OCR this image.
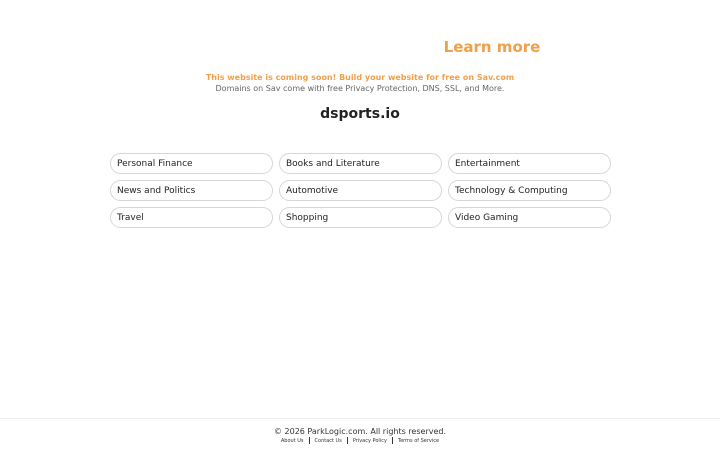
Learn more
This website is coming soon! Build your website for free on Sav.com
Domains on Sav come with free Privacy Protection, DNS, SSL, and More.
dsports.io
Personal Finance	Books and Literature	Entertainment
News and Politics	Automotive	Technology & Computing
Travel	Shopping	Video Gaming
© 2026 ParkLogic.com. All rights reserved.
About Us	Contact Us	Privacy Policy	Terms of Service
